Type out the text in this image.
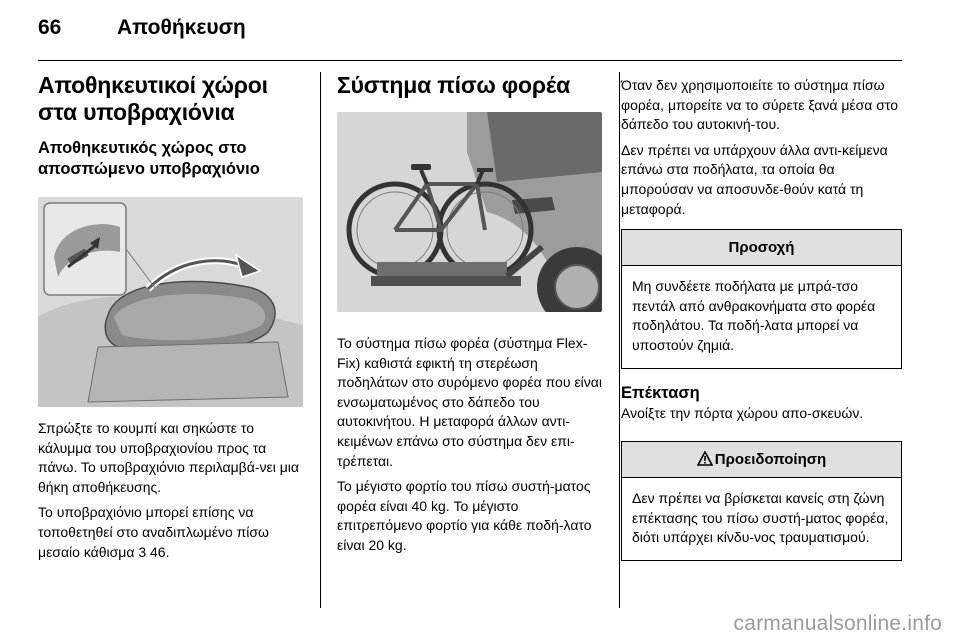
66	Αποθήκευση
Αποθηκευτικοί χώροι στα υποβραχιόνια
Αποθηκευτικός χώρος στο αποσπώμενο υποβραχιόνιο

Σπρώξτε το κουμπί και σηκώστε το κάλυμμα του υποβραχιονίου προς τα πάνω. Το υποβραχιόνιο περιλαμβά-νει μια θήκη αποθήκευσης.

Το υποβραχιόνιο μπορεί επίσης να τοποθετηθεί στο αναδιπλωμένο πίσω μεσαίο κάθισμα 3 46.

Σύστημα πίσω φορέα

Το σύστημα πίσω φορέα (σύστημα Flex-Fix) καθιστά εφικτή τη στερέωση ποδηλάτων στο συρόμενο φορέα που είναι ενσωματωμένος στο δάπεδο του αυτοκινήτου. Η μεταφορά άλλων αντι-κειμένων επάνω στο σύστημα δεν επι-τρέπεται.

Το μέγιστο φορτίο του πίσω συστή-ματος φορέα είναι 40 kg. Το μέγιστο επιτρεπόμενο φορτίο για κάθε ποδή-λατο είναι 20 kg.

Όταν δεν χρησιμοποιείτε το σύστημα πίσω φορέα, μπορείτε να το σύρετε ξανά μέσα στο δάπεδο του αυτοκινή-του.

Δεν πρέπει να υπάρχουν άλλα αντι-κείμενα επάνω στα ποδήλατα, τα οποία θα μπορούσαν να αποσυνδε-θούν κατά τη μεταφορά.

Προσοχή
Μη συνδέετε ποδήλατα με μπρά-τσο πεντάλ από ανθρακονήματα στο φορέα ποδηλάτου. Τα ποδή-λατα μπορεί να υποστούν ζημιά.
Επέκταση

Ανοίξτε την πόρτα χώρου απο-σκευών.

Προειδοποίηση
Δεν πρέπει να βρίσκεται κανείς στη ζώνη επέκτασης του πίσω συστή-ματος φορέα, διότι υπάρχει κίνδυ-νος τραυματισμού.
carmanualsonline.info
